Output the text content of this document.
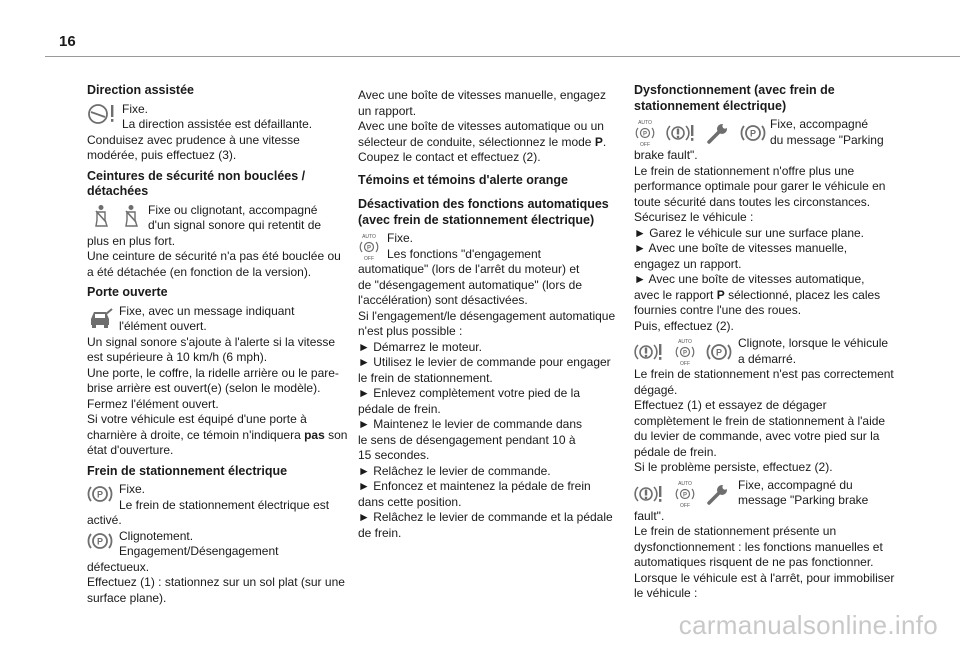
16
Direction assistée

Fixe.

La direction assistée est défaillante.

Conduisez avec prudence à une vitesse

modérée, puis effectuez (3).

Ceintures de sécurité non bouclées /
détachées

Fixe ou clignotant, accompagné

d'un signal sonore qui retentit de

plus en plus fort.

Une ceinture de sécurité n'a pas été bouclée ou

a été détachée (en fonction de la version).

Porte ouverte

Fixe, avec un message indiquant

l'élément ouvert.

Un signal sonore s'ajoute à l'alerte si la vitesse

est supérieure à 10 km/h (6 mph).

Une porte, le coffre, la ridelle arrière ou le pare-

brise arrière est ouvert(e) (selon le modèle).

Fermez l'élément ouvert.

Si votre véhicule est équipé d'une porte à

charnière à droite, ce témoin n'indiquera pas son

état d'ouverture.

Frein de stationnement électrique
P	Fixe.

Le frein de stationnement électrique est

activé.

P	Clignotement.

Engagement/Désengagement

défectueux.

Effectuez (1) : stationnez sur un sol plat (sur une

surface plane).

Avec une boîte de vitesses manuelle, engagez

un rapport.

Avec une boîte de vitesses automatique ou un

sélecteur de conduite, sélectionnez le mode P.

Coupez le contact et effectuez (2).

Témoins et témoins d'alerte orange
Désactivation des fonctions automatiques
(avec frein de stationnement électrique)
AUTO
P
OFF

Fixe.

Les fonctions "d'engagement

automatique" (lors de l'arrêt du moteur) et

de "désengagement automatique" (lors de

l'accélération) sont désactivées.

Si l'engagement/le désengagement automatique

n'est plus possible :

► Démarrez le moteur.

► Utilisez le levier de commande pour engager

le frein de stationnement.

► Enlevez complètement votre pied de la

pédale de frein.

► Maintenez le levier de commande dans

le sens de désengagement pendant 10 à

15 secondes.

► Relâchez le levier de commande.

► Enfoncez et maintenez la pédale de frein

dans cette position.

► Relâchez le levier de commande et la pédale

de frein.

Dysfonctionnement (avec frein de
stationnement électrique)
AUTO
P
OFF
P

Fixe, accompagné

du message "Parking

brake fault".

Le frein de stationnement n'offre plus une

performance optimale pour garer le véhicule en

toute sécurité dans toutes les circonstances.

Sécurisez le véhicule :

► Garez le véhicule sur une surface plane.

► Avec une boîte de vitesses manuelle,

engagez un rapport.

► Avec une boîte de vitesses automatique,

avec le rapport P sélectionné, placez les cales

fournies contre l'une des roues.

Puis, effectuez (2).

AUTO
P
OFF
P

Clignote, lorsque le véhicule

a démarré.

Le frein de stationnement n'est pas correctement

dégagé.

Effectuez (1) et essayez de dégager

complètement le frein de stationnement à l'aide

du levier de commande, avec votre pied sur la

pédale de frein.

Si le problème persiste, effectuez (2).

AUTO
P
OFF

Fixe, accompagné du

message "Parking brake

fault".

Le frein de stationnement présente un

dysfonctionnement : les fonctions manuelles et

automatiques risquent de ne pas fonctionner.

Lorsque le véhicule est à l'arrêt, pour immobiliser

le véhicule :

carmanualsonline.info
